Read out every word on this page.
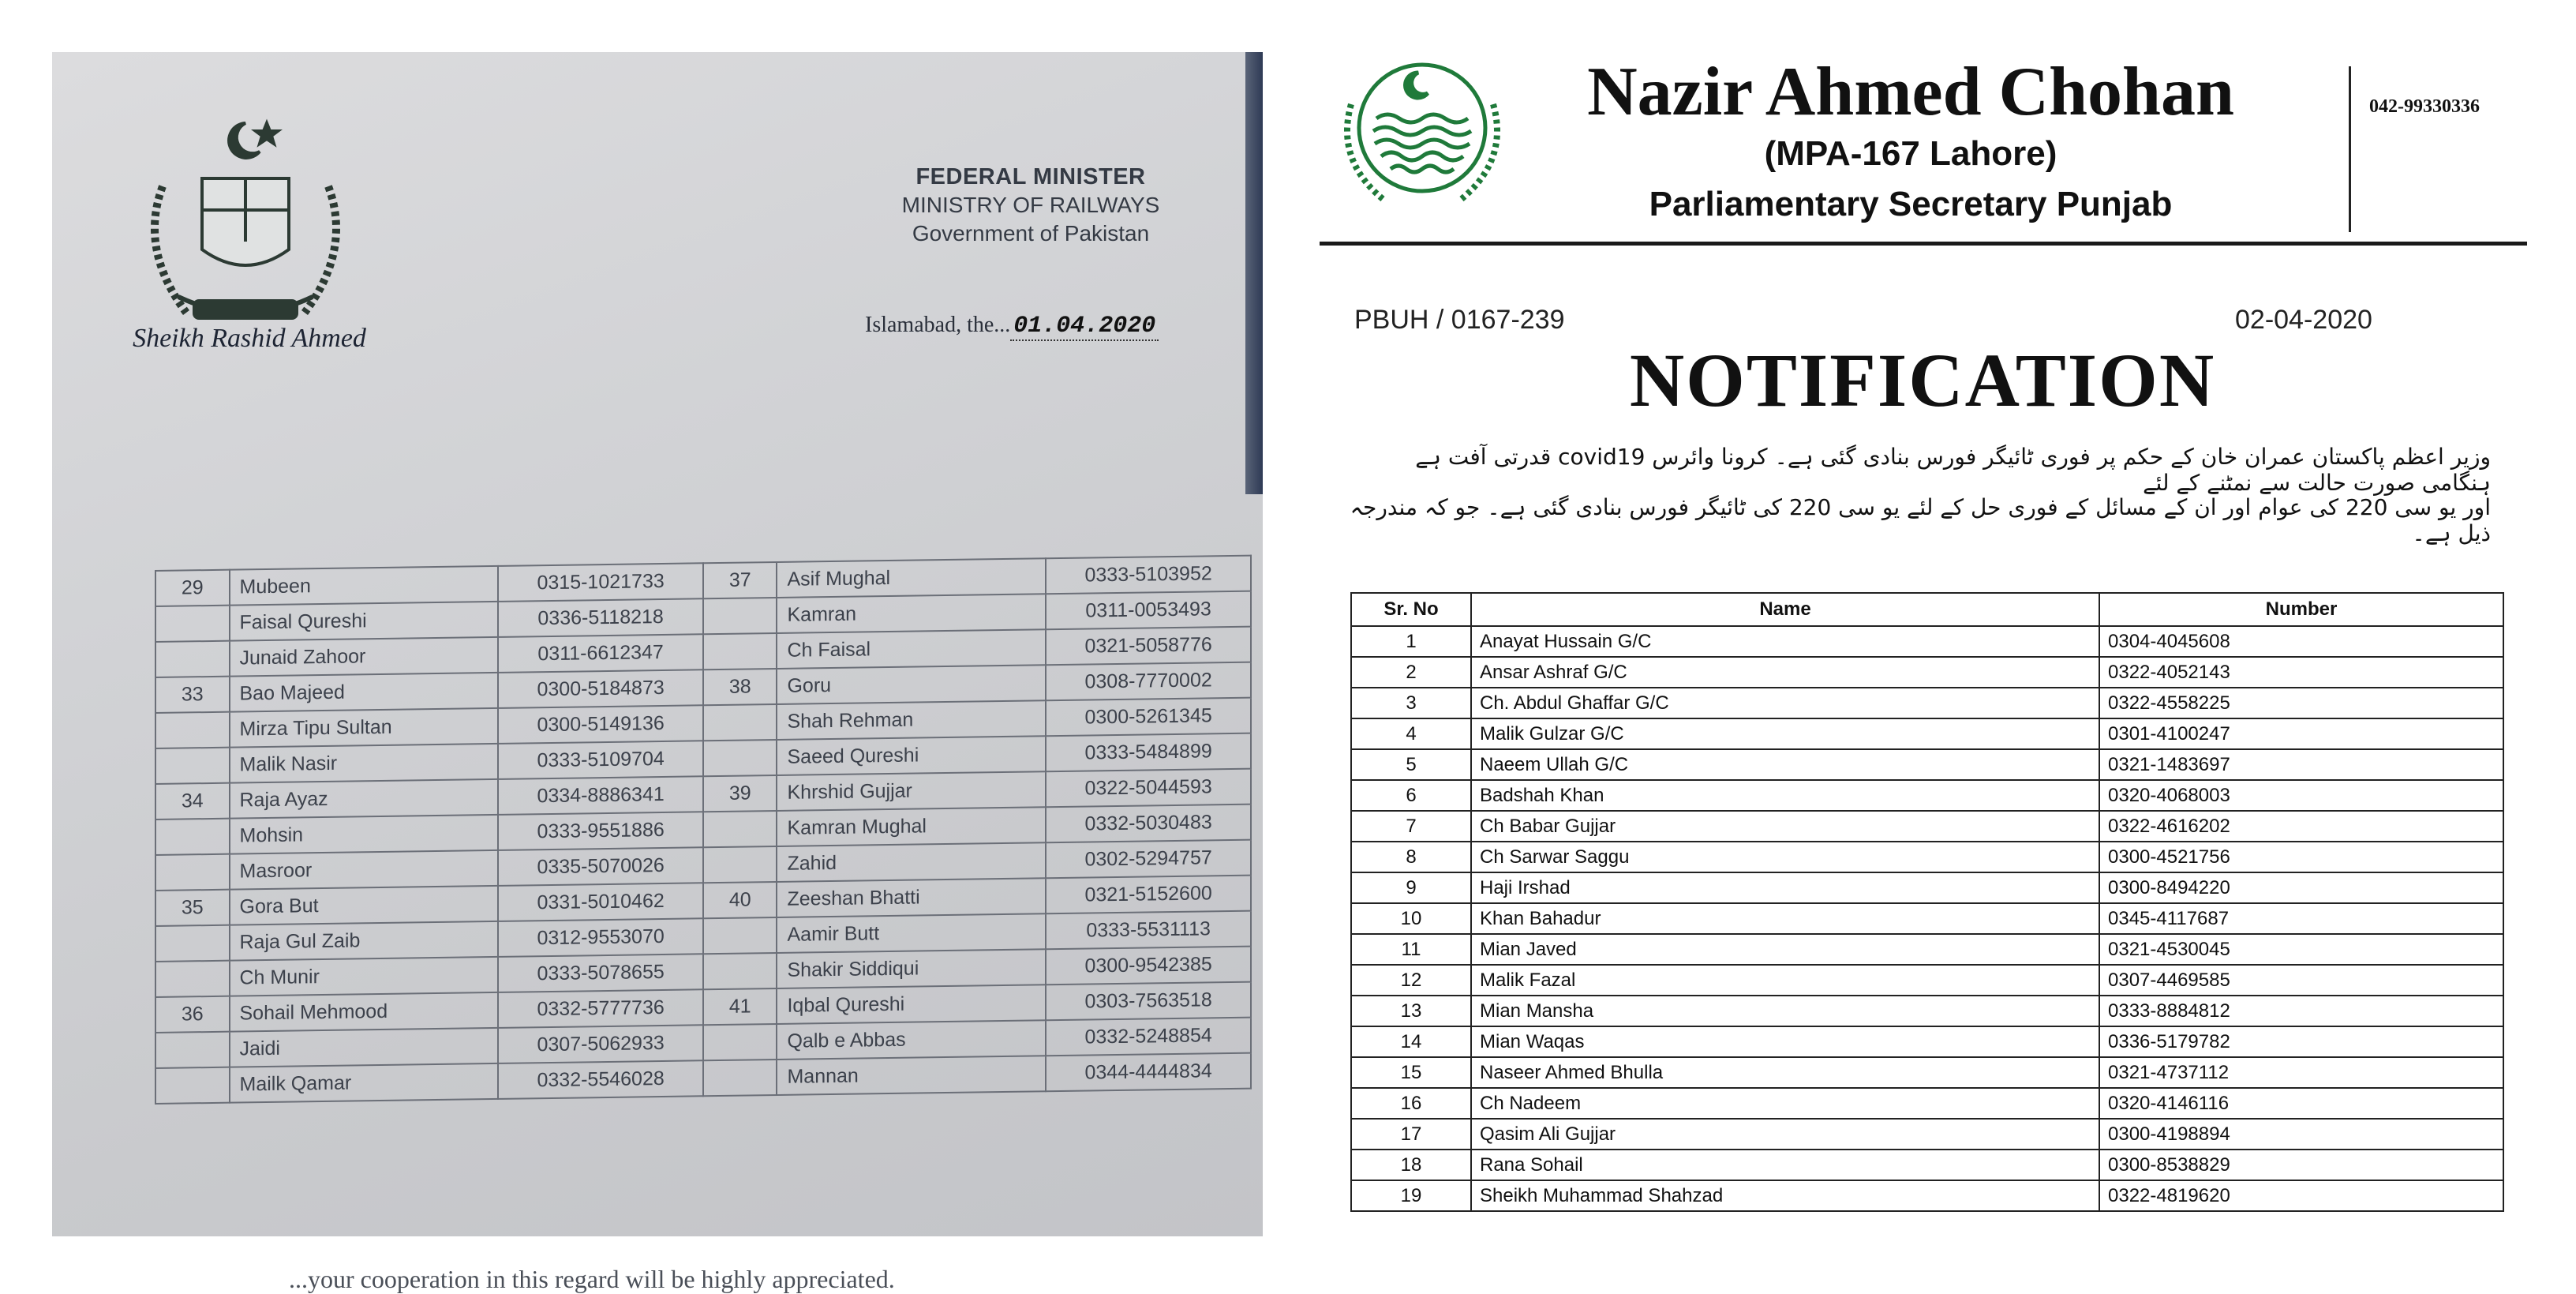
Sheikh Rashid Ahmed
FEDERAL MINISTER
MINISTRY OF RAILWAYS
Government of Pakistan
Islamabad, the... 01.04.2020
29	Mubeen	0315-1021733	37	Asif Mughal	0333-5103952
	Faisal Qureshi	0336-5118218		Kamran	0311-0053493
	Junaid Zahoor	0311-6612347		Ch Faisal	0321-5058776
33	Bao Majeed	0300-5184873	38	Goru	0308-7770002
	Mirza Tipu Sultan	0300-5149136		Shah Rehman	0300-5261345
	Malik Nasir	0333-5109704		Saeed Qureshi	0333-5484899
34	Raja Ayaz	0334-8886341	39	Khrshid Gujjar	0322-5044593
	Mohsin	0333-9551886		Kamran Mughal	0332-5030483
	Masroor	0335-5070026		Zahid	0302-5294757
35	Gora But	0331-5010462	40	Zeeshan Bhatti	0321-5152600
	Raja Gul Zaib	0312-9553070		Aamir Butt	0333-5531113
	Ch Munir	0333-5078655		Shakir Siddiqui	0300-9542385
36	Sohail Mehmood	0332-5777736	41	Iqbal Qureshi	0303-7563518
	Jaidi	0307-5062933		Qalb e Abbas	0332-5248854
	Mailk Qamar	0332-5546028		Mannan	0344-4444834
...your cooperation in this regard will be highly appreciated.
Nazir Ahmed Chohan
(MPA-167 Lahore)
Parliamentary Secretary Punjab
042-99330336
PBUH / 0167-239	02-04-2020
NOTIFICATION
وزیر اعظم پاکستان عمران خان کے حکم پر فوری ٹائیگر فورس بنادی گئی ہے۔ کرونا وائرس covid19 قدرتی آفت ہے ہنگامی صورت حالت سے نمٹنے کے لئے
اور یو سی 220 کی عوام اور ان کے مسائل کے فوری حل کے لئے یو سی 220 کی ٹائیگر فورس بنادی گئی ہے۔ جو کہ مندرجہ ذیل ہے۔
Sr. No	Name	Number
1	Anayat Hussain G/C	0304-4045608
2	Ansar Ashraf G/C	0322-4052143
3	Ch. Abdul Ghaffar G/C	0322-4558225
4	Malik Gulzar G/C	0301-4100247
5	Naeem Ullah G/C	0321-1483697
6	Badshah Khan	0320-4068003
7	Ch Babar Gujjar	0322-4616202
8	Ch Sarwar Saggu	0300-4521756
9	Haji Irshad	0300-8494220
10	Khan Bahadur	0345-4117687
11	Mian Javed	0321-4530045
12	Malik Fazal	0307-4469585
13	Mian Mansha	0333-8884812
14	Mian Waqas	0336-5179782
15	Naseer Ahmed Bhulla	0321-4737112
16	Ch Nadeem	0320-4146116
17	Qasim Ali Gujjar	0300-4198894
18	Rana Sohail	0300-8538829
19	Sheikh Muhammad Shahzad	0322-4819620
